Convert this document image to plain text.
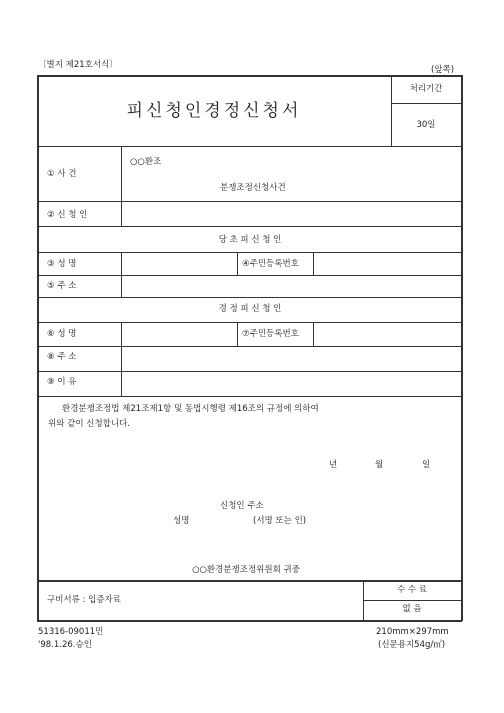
〔별지 제21호서식〕	(앞쪽)
피신청인경정신청서
처리기간
30일
① 사 건
○○환조
분쟁조정신청사건
② 신 청 인
당 초 피 신 청 인
③ 성 명	④주민등록번호
⑤ 주 소
경 정 피 신 청 인
⑥ 성 명	⑦주민등록번호
⑧ 주 소
⑨ 이 유
환경분쟁조정법 제21조제1항 및 동법시행령 제16조의 규정에 의하여
위와 같이 신청합니다.
년	월	일
신청인 주소
성명	(서명 또는 인)
○○환경분쟁조정위원회 귀중
구비서류 : 입증자료
수 수 료
없 음
51316-09011민
'98.1.26.승인
210mm×297mm
(신문용지54g/㎡)
